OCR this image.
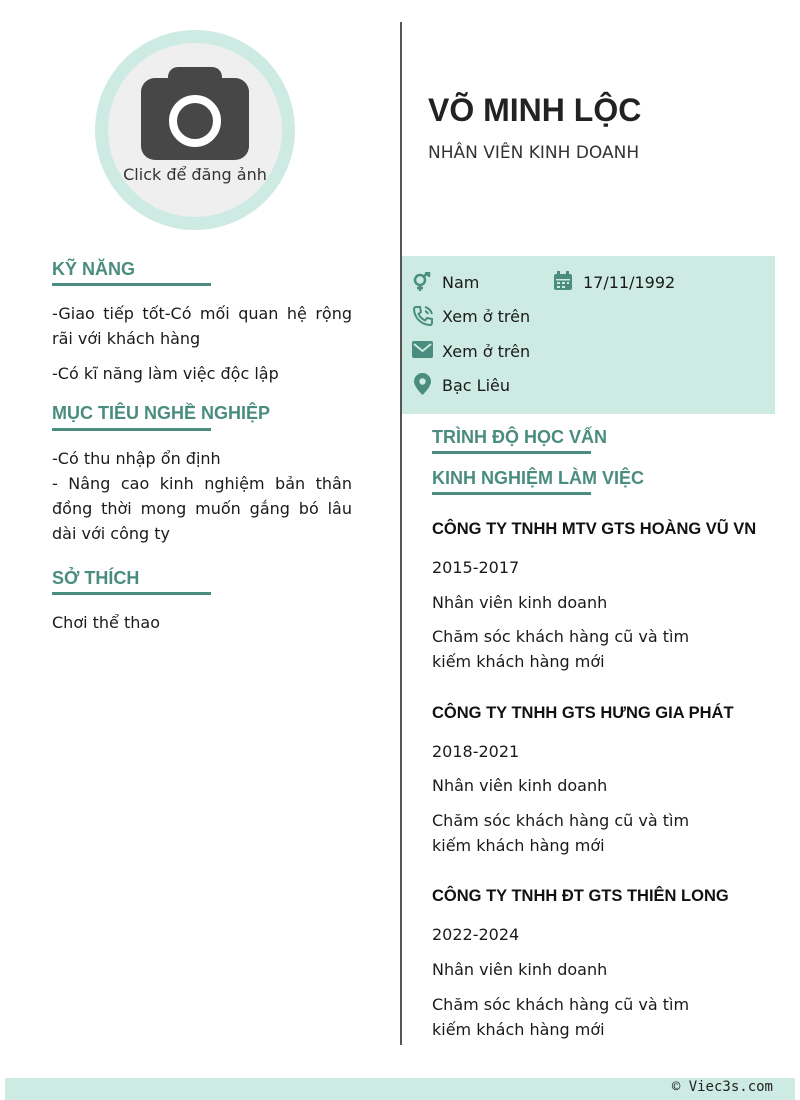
Click để đăng ảnh
KỸ NĂNG
-Giao tiếp tốt-Có mối quan hệ rộng rãi với khách hàng
-Có kĩ năng làm việc độc lập
MỤC TIÊU NGHỀ NGHIỆP
-Có thu nhập ổn định
- Nâng cao kinh nghiệm bản thân đồng thời mong muốn gắng bó lâu dài với công ty
SỞ THÍCH
Chơi thể thao
VÕ MINH LỘC
NHÂN VIÊN KINH DOANH
Nam	17/11/1992
Xem ở trên
Xem ở trên
Bạc Liêu
TRÌNH ĐỘ HỌC VẤN
KINH NGHIỆM LÀM VIỆC
CÔNG TY TNHH MTV GTS HOÀNG VŨ VN
2015-2017
Nhân viên kinh doanh
Chăm sóc khách hàng cũ và tìm kiếm khách hàng mới
CÔNG TY TNHH GTS HƯNG GIA PHÁT
2018-2021
Nhân viên kinh doanh
Chăm sóc khách hàng cũ và tìm kiếm khách hàng mới
CÔNG TY TNHH ĐT GTS THIÊN LONG
2022-2024
Nhân viên kinh doanh
Chăm sóc khách hàng cũ và tìm kiếm khách hàng mới
© Viec3s.com
